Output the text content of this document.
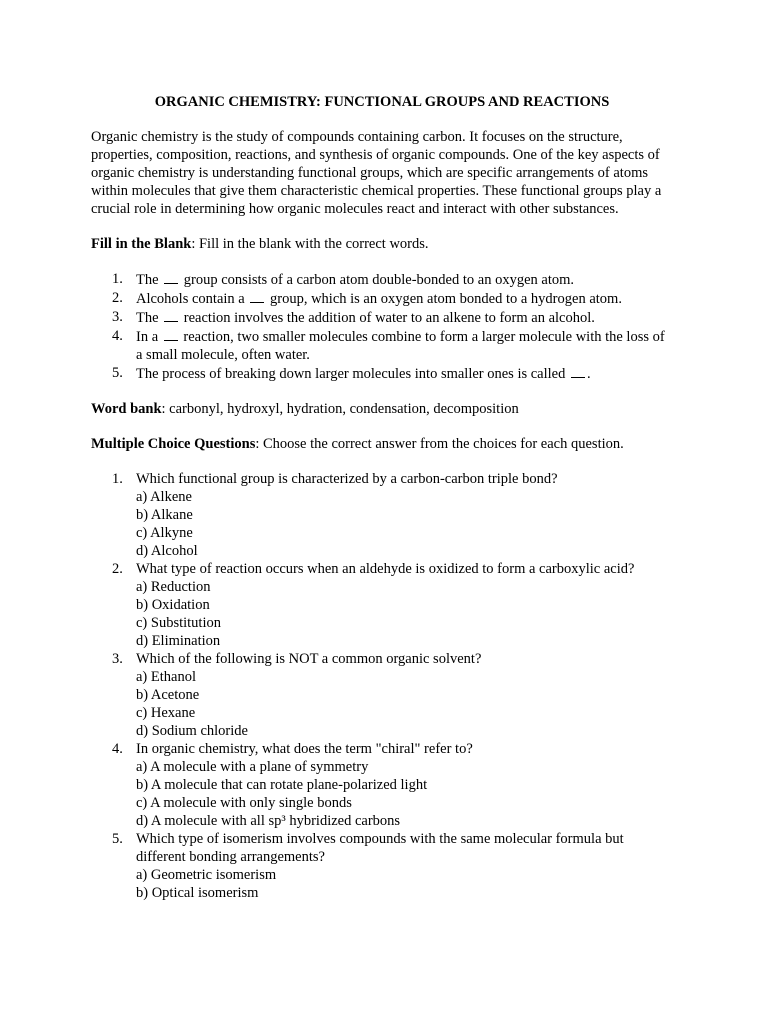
ORGANIC CHEMISTRY: FUNCTIONAL GROUPS AND REACTIONS

Organic chemistry is the study of compounds containing carbon. It focuses on the structure, properties, composition, reactions, and synthesis of organic compounds. One of the key aspects of organic chemistry is understanding functional groups, which are specific arrangements of atoms within molecules that give them characteristic chemical properties. These functional groups play a crucial role in determining how organic molecules react and interact with other substances.

Fill in the Blank: Fill in the blank with the correct words.

1. The group consists of a carbon atom double-bonded to an oxygen atom.
2. Alcohols contain a group, which is an oxygen atom bonded to a hydrogen atom.
3. The reaction involves the addition of water to an alkene to form an alcohol.
4. In a reaction, two smaller molecules combine to form a larger molecule with the loss of a small molecule, often water.
5. The process of breaking down larger molecules into smaller ones is called .

Word bank: carbonyl, hydroxyl, hydration, condensation, decomposition

Multiple Choice Questions: Choose the correct answer from the choices for each question.

1. Which functional group is characterized by a carbon-carbon triple bond?
a) Alkene
b) Alkane
c) Alkyne
d) Alcohol
2. What type of reaction occurs when an aldehyde is oxidized to form a carboxylic acid?
a) Reduction
b) Oxidation
c) Substitution
d) Elimination
3. Which of the following is NOT a common organic solvent?
a) Ethanol
b) Acetone
c) Hexane
d) Sodium chloride
4. In organic chemistry, what does the term "chiral" refer to?
a) A molecule with a plane of symmetry
b) A molecule that can rotate plane-polarized light
c) A molecule with only single bonds
d) A molecule with all sp³ hybridized carbons
5. Which type of isomerism involves compounds with the same molecular formula but different bonding arrangements?
a) Geometric isomerism
b) Optical isomerism
